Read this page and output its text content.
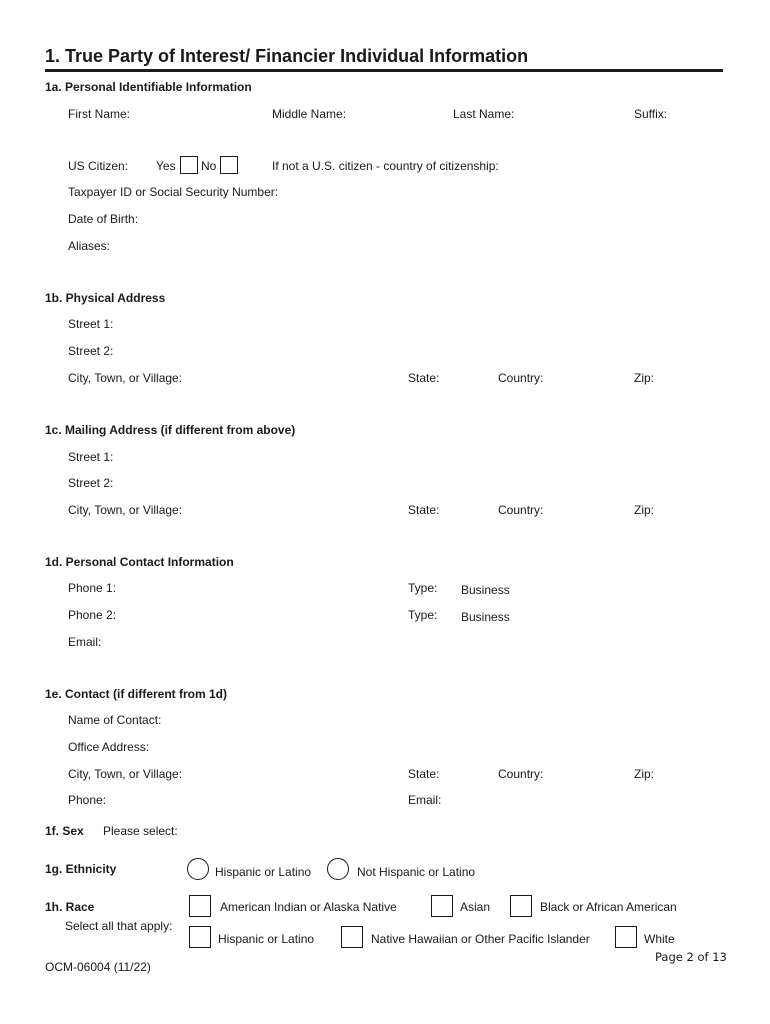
1. True Party of Interest/ Financier Individual Information
1a. Personal Identifiable Information
First Name:	Middle Name:	Last Name:	Suffix:
US Citizen: Yes No	If not a U.S. citizen - country of citizenship:
Taxpayer ID or Social Security Number:
Date of Birth:
Aliases:
1b. Physical Address
Street 1:
Street 2:
City, Town, or Village:	State:	Country:	Zip:
1c. Mailing Address (if different from above)
Street 1:
Street 2:
City, Town, or Village:	State:	Country:	Zip:
1d. Personal Contact Information
Phone 1:	Type: Business
Phone 2:	Type: Business
Email:
1e. Contact (if different from 1d)
Name of Contact:
Office Address:
City, Town, or Village:	State:	Country:	Zip:
Phone:	Email:
1f. Sex Please select:
1g. Ethnicity	Hispanic or Latino	Not Hispanic or Latino
1h. Race
Select all that apply:
American Indian or Alaska Native	Asian	Black or African American
Hispanic or Latino	Native Hawaiian or Other Pacific Islander	White
OCM-06004 (11/22)
Page 2 of 13
